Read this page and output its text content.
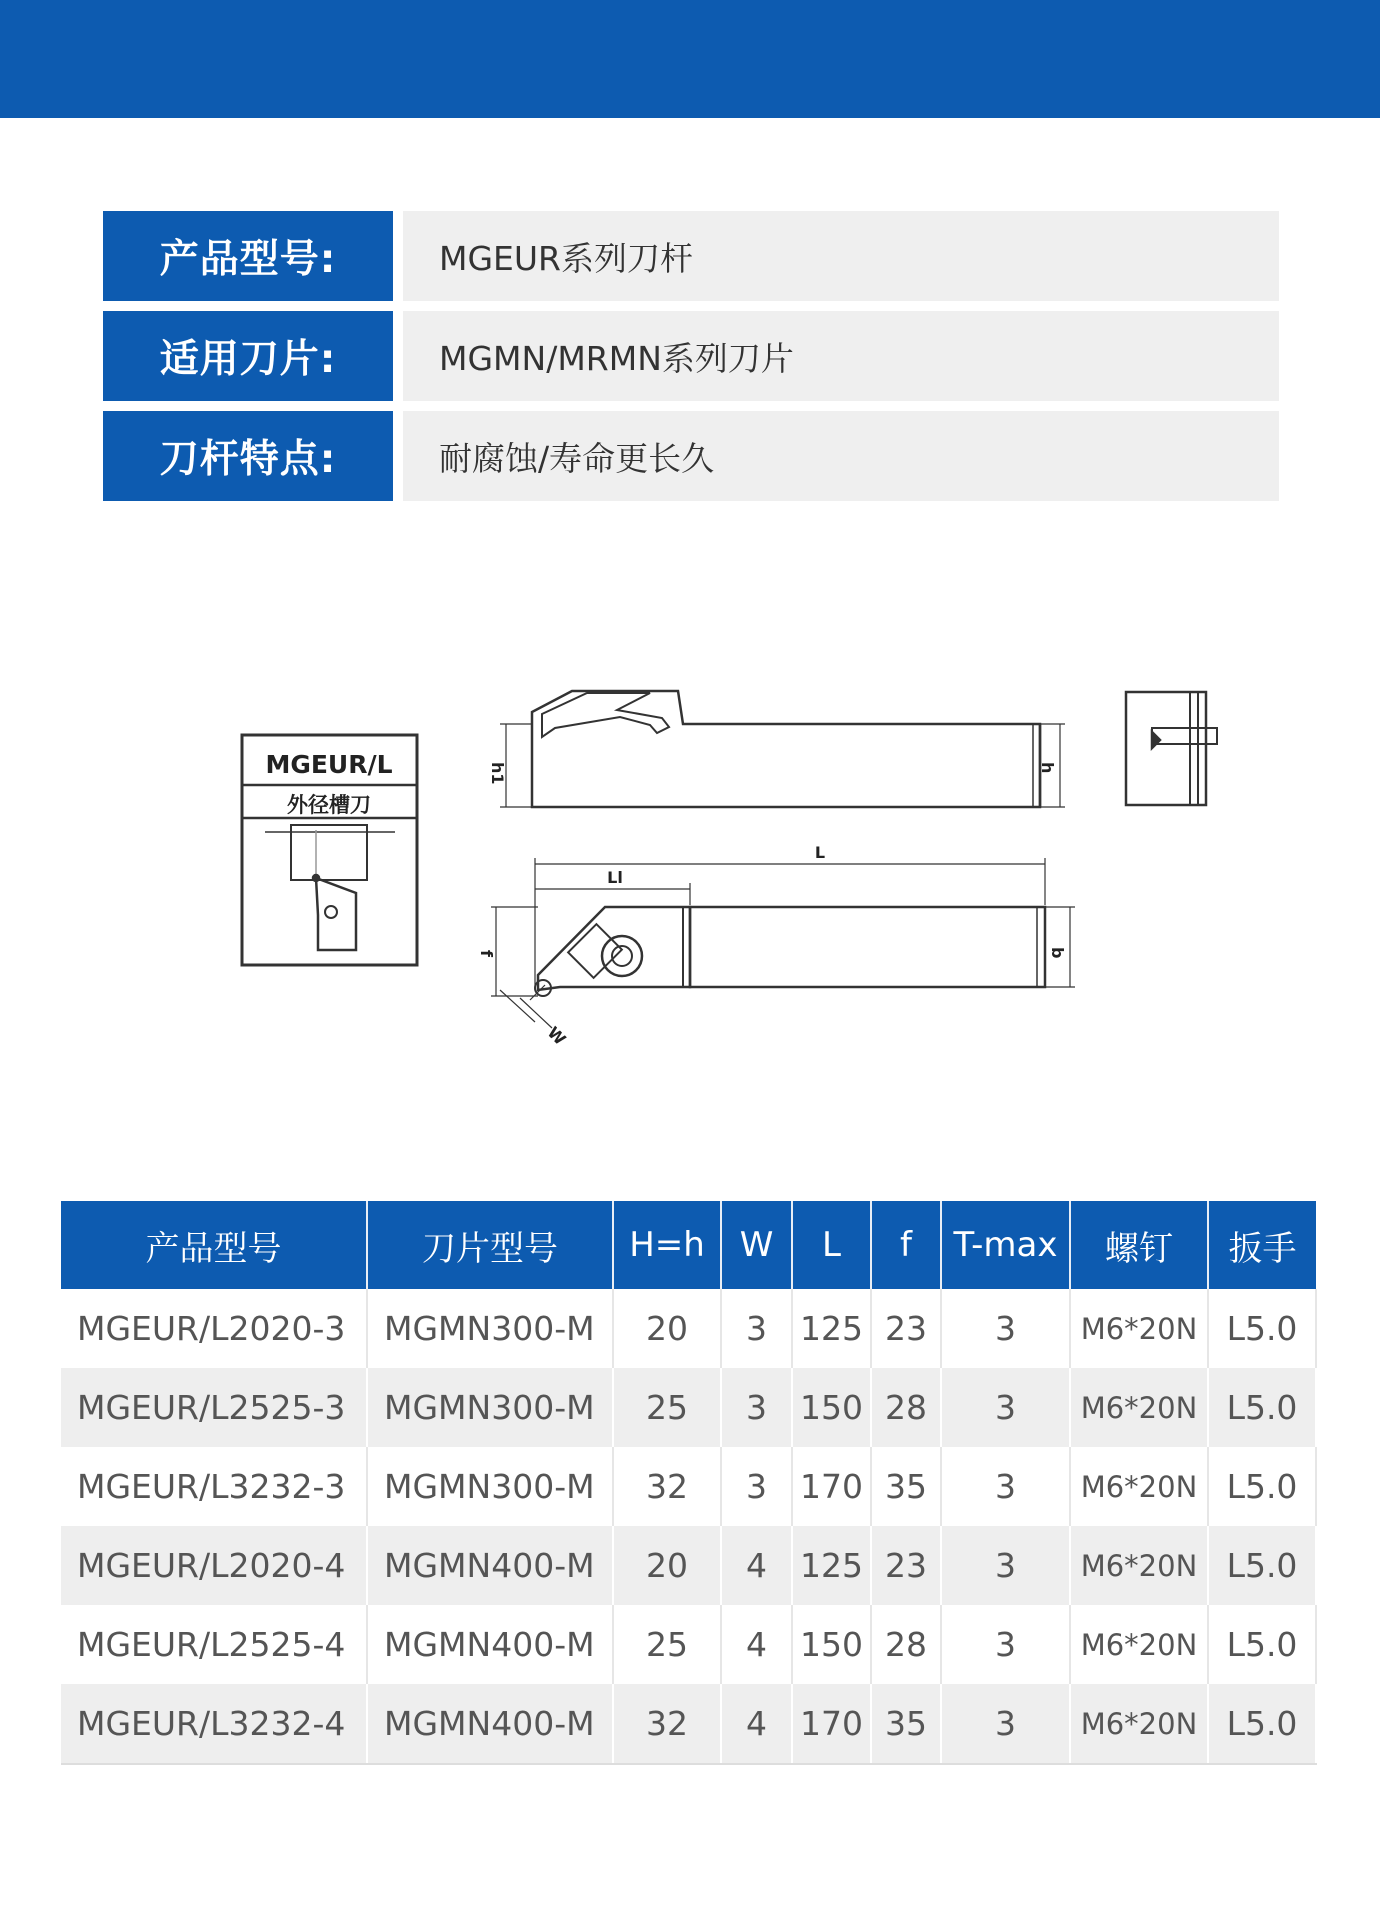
产品型号:	MGEUR系列刀杆
适用刀片:	MGMN/MRMN系列刀片
刀杆特点:	耐腐蚀/寿命更长久
MGEUR/L
外径槽刀
h1	h
L
Ll
f	b
W
产品型号	刀片型号	H=h	W	L	f	T-max	螺钉	扳手
MGEUR/L2020-3	MGMN300-M	20	3	125	23	3	M6*20N	L5.0
MGEUR/L2525-3	MGMN300-M	25	3	150	28	3	M6*20N	L5.0
MGEUR/L3232-3	MGMN300-M	32	3	170	35	3	M6*20N	L5.0
MGEUR/L2020-4	MGMN400-M	20	4	125	23	3	M6*20N	L5.0
MGEUR/L2525-4	MGMN400-M	25	4	150	28	3	M6*20N	L5.0
MGEUR/L3232-4	MGMN400-M	32	4	170	35	3	M6*20N	L5.0
